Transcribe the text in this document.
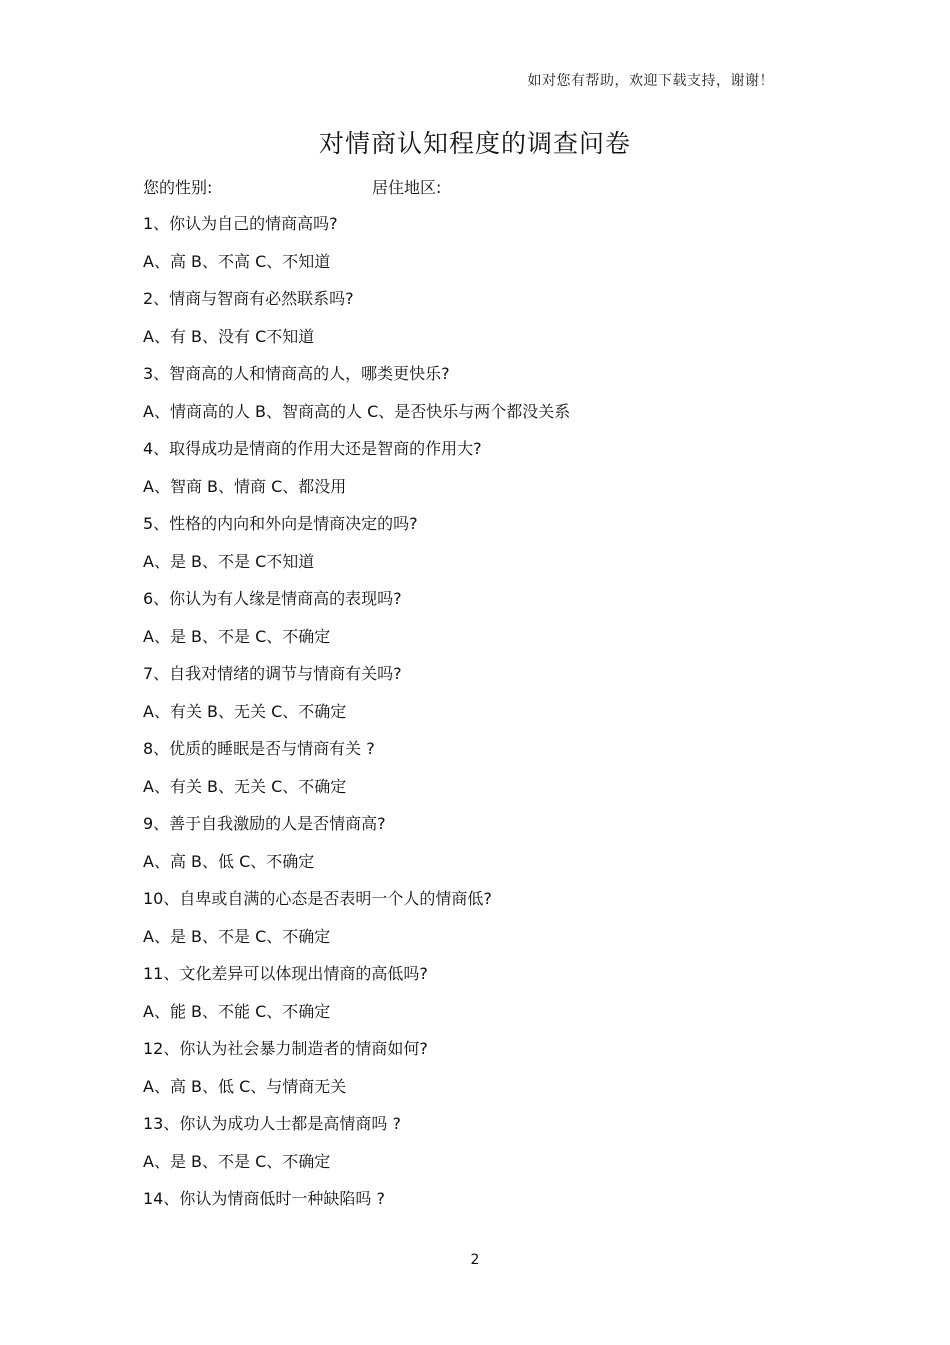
如对您有帮助，欢迎下载支持，谢谢！
对情商认知程度的调查问卷
您的性别:	居住地区:
1、你认为自己的情商高吗?
A、高 B、不高 C、不知道
2、情商与智商有必然联系吗?
A、有 B、没有 C不知道
3、智商高的人和情商高的人，哪类更快乐?
A、情商高的人 B、智商高的人 C、是否快乐与两个都没关系
4、取得成功是情商的作用大还是智商的作用大?
A、智商 B、情商 C、都没用
5、性格的内向和外向是情商决定的吗?
A、是 B、不是 C不知道
6、你认为有人缘是情商高的表现吗?
A、是 B、不是 C、不确定
7、自我对情绪的调节与情商有关吗?
A、有关 B、无关 C、不确定
8、优质的睡眠是否与情商有关 ?
A、有关 B、无关 C、不确定
9、善于自我激励的人是否情商高?
A、高 B、低 C、不确定
10、自卑或自满的心态是否表明一个人的情商低?
A、是 B、不是 C、不确定
11、文化差异可以体现出情商的高低吗?
A、能 B、不能 C、不确定
12、你认为社会暴力制造者的情商如何?
A、高 B、低 C、与情商无关
13、你认为成功人士都是高情商吗 ?
A、是 B、不是 C、不确定
14、你认为情商低时一种缺陷吗 ?
2
